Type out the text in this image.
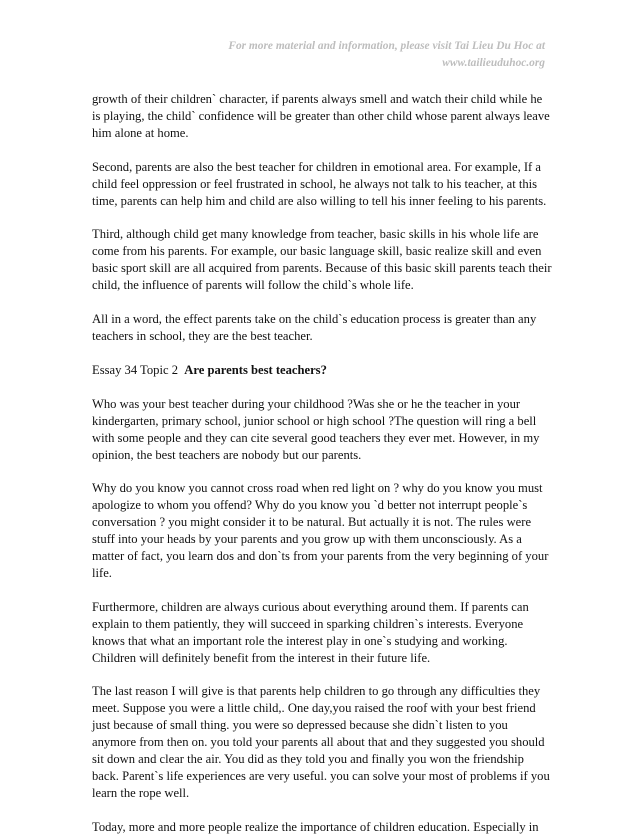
For more material and information, please visit Tai Lieu Du Hoc at
www.tailieuduhoc.org

growth of their children` character, if parents always smell and watch their child while he is playing, the child` confidence will be greater than other child whose parent always leave him alone at home.

Second, parents are also the best teacher for children in emotional area. For example, If a child feel oppression or feel frustrated in school, he always not talk to his teacher, at this time, parents can help him and child are also willing to tell his inner feeling to his parents.

Third, although child get many knowledge from teacher, basic skills in his whole life are come from his parents. For example, our basic language skill, basic realize skill and even basic sport skill are all acquired from parents. Because of this basic skill parents teach their child, the influence of parents will follow the child`s whole life.

All in a word, the effect parents take on the child`s education process is greater than any teachers in school, they are the best teacher.

Essay 34 Topic 2  Are parents best teachers?

Who was your best teacher during your childhood ?Was she or he the teacher in your kindergarten, primary school, junior school or high school ?The question will ring a bell with some people and they can cite several good teachers they ever met. However, in my opinion, the best teachers are nobody but our parents.

Why do you know you cannot cross road when red light on ? why do you know you must apologize to whom you offend? Why do you know you `d better not interrupt people`s conversation ? you might consider it to be natural. But actually it is not. The rules were stuff into your heads by your parents and you grow up with them unconsciously. As a matter of fact, you learn dos and don`ts from your parents from the very beginning of your life.

Furthermore, children are always curious about everything around them. If parents can explain to them patiently, they will succeed in sparking children`s interests. Everyone knows that what an important role the interest play in one`s studying and working. Children will definitely benefit from the interest in their future life.

The last reason I will give is that parents help children to go through any difficulties they meet. Suppose you were a little child,. One day,you raised the roof with your best friend just because of small thing. you were so depressed because she didn`t listen to you anymore from then on. you told your parents all about that and they suggested you should sit down and clear the air. You did as they told you and finally you won the friendship back. Parent`s life experiences are very useful. you can solve your most of problems if you learn the rope well.

Today, more and more people realize the importance of children education. Especially in
